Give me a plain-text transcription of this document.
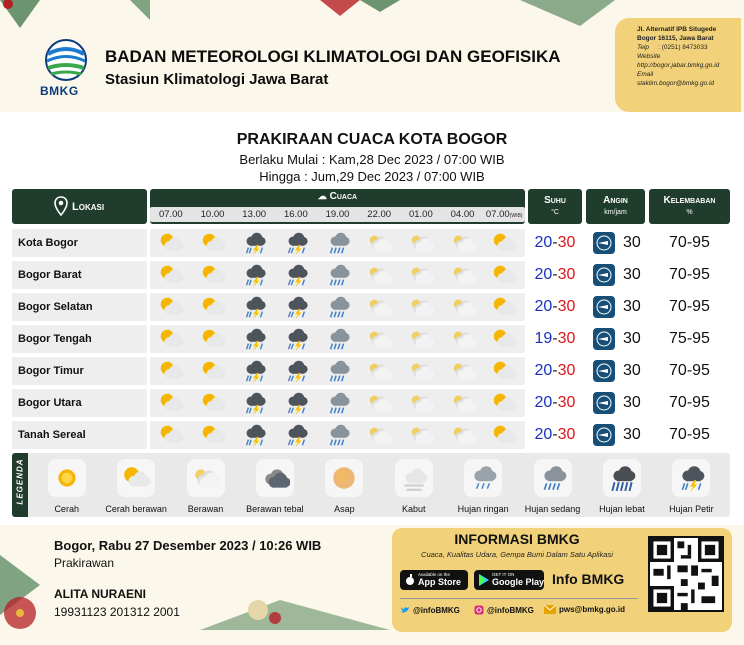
BMKG
BADAN METEOROLOGI KLIMATOLOGI DAN GEOFISIKA
Stasiun Klimatologi Jawa Barat
Jl. Alternatif IPB Situgede
Bogor 16115, Jawa Barat
Telp : (0251) 8473033
Website
http://bogor.jabar.bmkg.go.id
Email
staklim.bogor@bmkg.go.id
PRAKIRAAN CUACA KOTA BOGOR
Berlaku Mulai : Kam,28 Dec 2023 / 07:00 WIB
Hingga : Jum,29 Dec 2023 / 07:00 WIB
Lokasi
☁ Cuaca
07.00	10.00	13.00	16.00	19.00	22.00	01.00	04.00	07.00(WIB)
Suhu
°C
Angin
km/jam
Kelembaban
%
Kota Bogor	20-30	30	70-95
Bogor Barat	20-30	30	70-95
Bogor Selatan	20-30	30	70-95
Bogor Tengah	19-30	30	75-95
Bogor Timur	20-30	30	70-95
Bogor Utara	20-30	30	70-95
Tanah Sereal	20-30	30	70-95
LEGENDA
Cerah	Cerah berawan	Berawan	Berawan tebal	Asap	Kabut	Hujan ringan	Hujan sedang	Hujan lebat	Hujan Petir
Bogor, Rabu 27 Desember 2023 / 10:26 WIB
Prakirawan
ALITA NURAENI
19931123 201312 2001
INFORMASI BMKG
Cuaca, Kualitas Udara, Gempa Bumi Dalam Satu Aplikasi
Available on the
App Store
GET IT ON
Google Play Info BMKG
@infoBMKG	@infoBMKG	pws@bmkg.go.id
